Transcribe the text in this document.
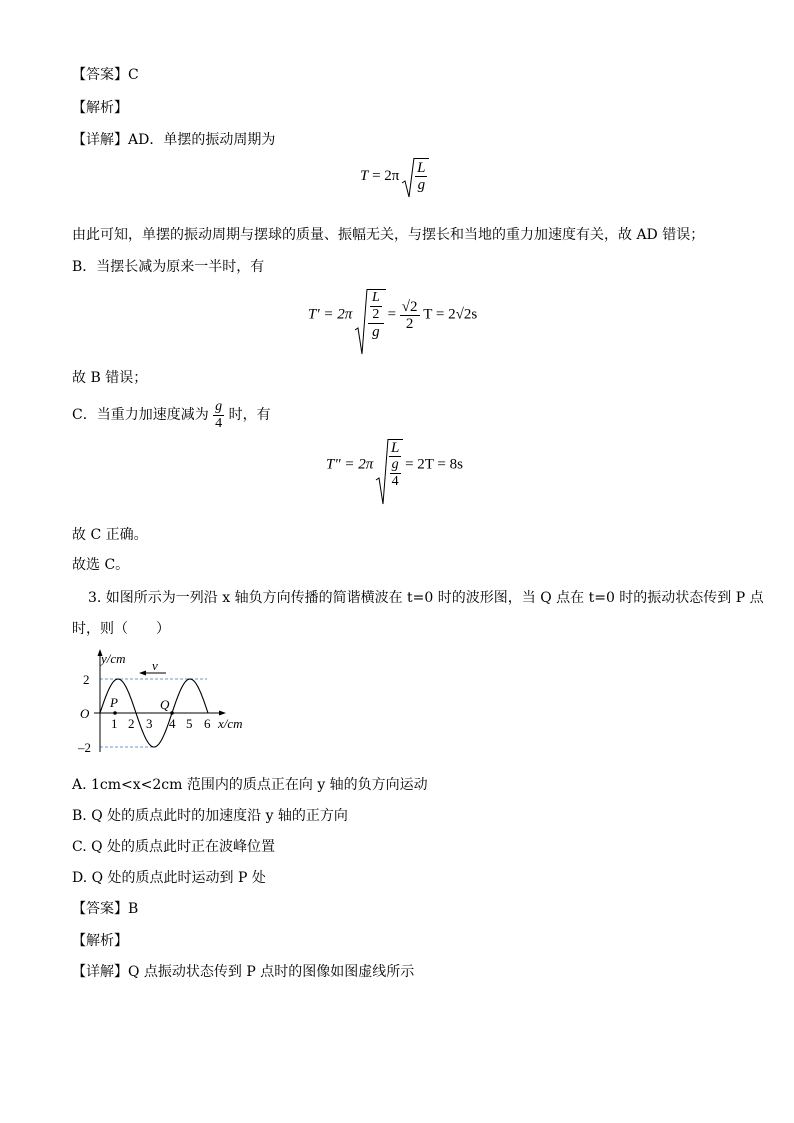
【答案】C
【解析】
【详解】AD．单摆的振动周期为
$T = 2\pi \frac{L}{g}$
由此可知，单摆的振动周期与摆球的质量、振幅无关，与摆长和当地的重力加速度有关，故 AD 错误；
B．当摆长减为原来一半时，有
$T' = 2\pi \frac{\frac{L}{2}}{g} = \frac{√2}{2}$ T = 2√2s
故 B 错误；
C．当重力加速度减为 $\frac{g}{4}$ 时，有
$T'' = 2\pi \frac{L}{\frac{g}{4}} = 2T = 8s$
故 C 正确。
故选 C。
3. 如图所示为一列沿 x 轴负方向传播的简谐横波在 t=0 时的波形图，当 Q 点在 t=0 时的振动状态传到 P 点
时，则（　　）
y/cm v
O
P	Q
2
–2
1 2 3 4 5 6 x/cm
A. 1cm<x<2cm 范围内的质点正在向 y 轴的负方向运动
B. Q 处的质点此时的加速度沿 y 轴的正方向
C. Q 处的质点此时正在波峰位置
D. Q 处的质点此时运动到 P 处
【答案】B
【解析】
【详解】Q 点振动状态传到 P 点时的图像如图虚线所示
